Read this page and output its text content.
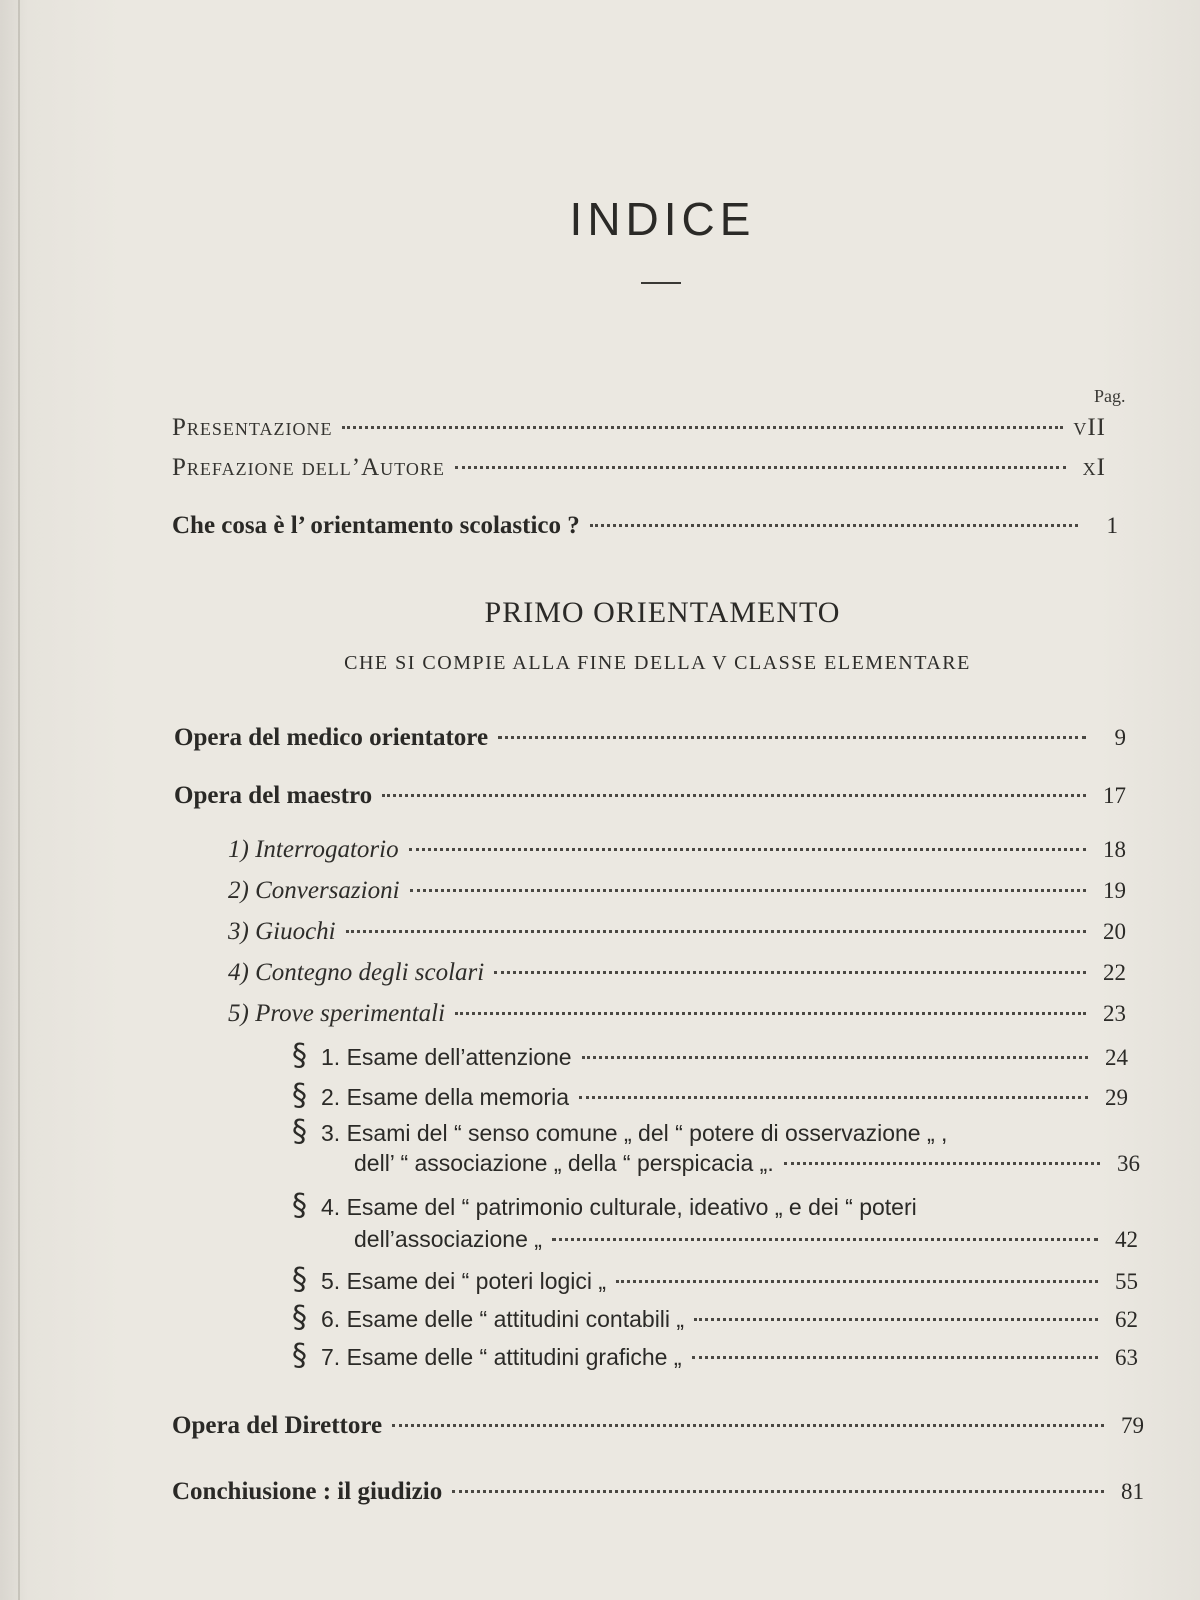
INDICE
Pag.
Presentazione	vII
Prefazione dell’Autore	xI
Che cosa è l’ orientamento scolastico ?	1
PRIMO ORIENTAMENTO
CHE SI COMPIE ALLA FINE DELLA V CLASSE ELEMENTARE
Opera del medico orientatore	9
Opera del maestro	17
1) Interrogatorio	18
2) Conversazioni	19
3) Giuochi	20
4) Contegno degli scolari	22
5) Prove sperimentali	23
§ 1. Esame dell’attenzione	24
§ 2. Esame della memoria	29
§ 3. Esami del “ senso comune „ del “ potere di osservazione „ ,
dell’ “ associazione „ della “ perspicacia „.	36
§ 4. Esame del “ patrimonio culturale, ideativo „ e dei “ poteri
dell’associazione „	42
§ 5. Esame dei “ poteri logici „	55
§ 6. Esame delle “ attitudini contabili „	62
§ 7. Esame delle “ attitudini grafiche „	63
Opera del Direttore	79
Conchiusione : il giudizio	81
